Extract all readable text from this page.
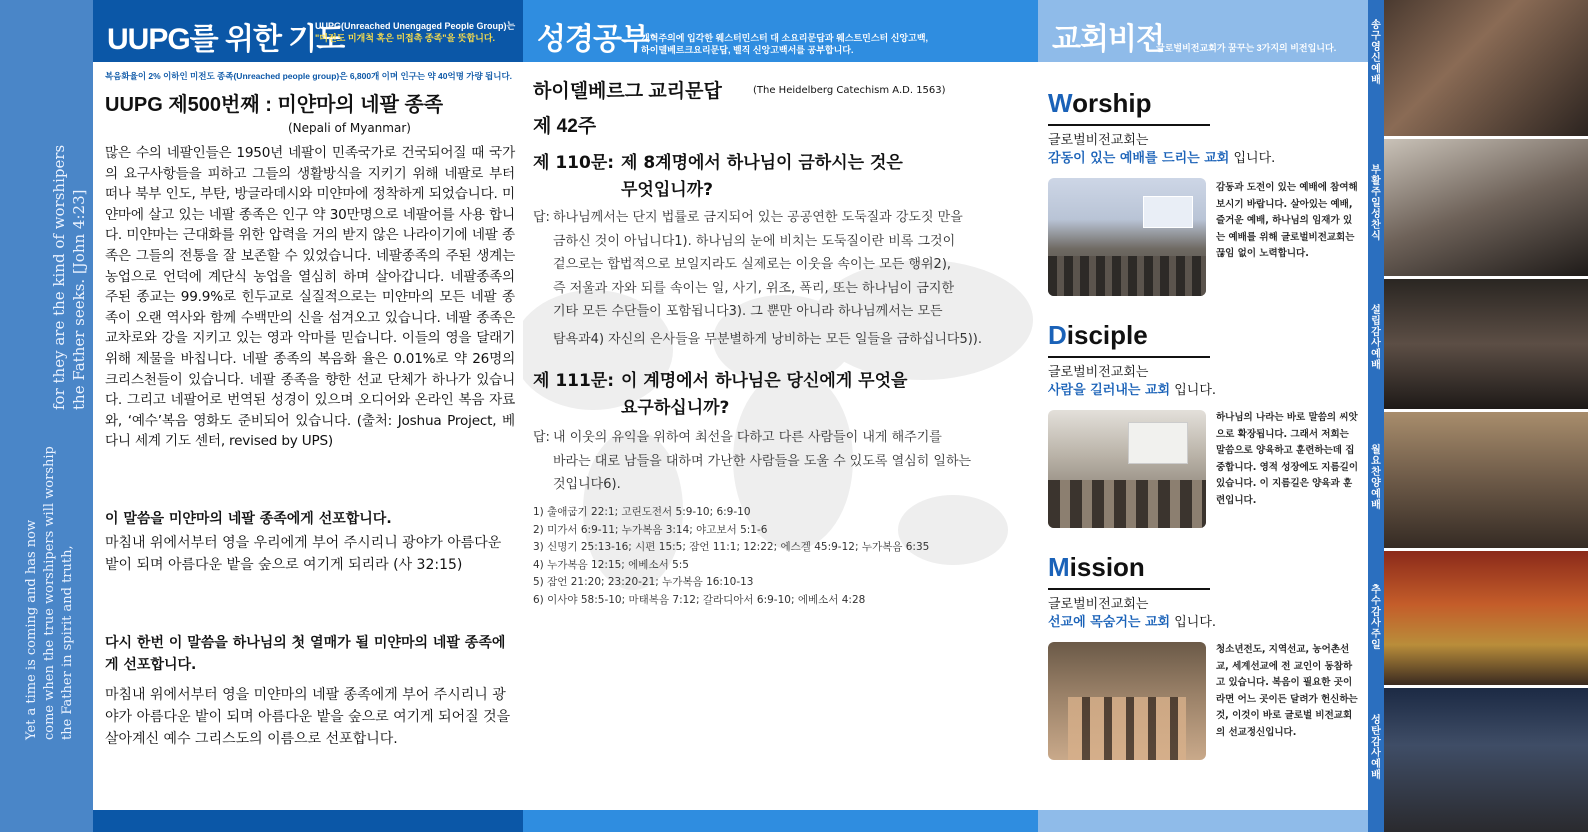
for they are the kind of worshipers the Father seeks. [John 4:23]
Yet a time is coming and has now come when the true worshipers will worship the Father in spirit and truth,
UUPG를 위한 기도
UUPG(Unreached Unengaged People Group)는
"미전도 미개척 혹은 미접촉 종족"을 뜻합니다.
복음화율이 2% 이하인 미전도 종족(Unreached people group)은 6,800개 이며 인구는 약 40억명 가량 됩니다.
UUPG 제500번째 : 미얀마의 네팔 종족
(Nepali of Myanmar)
많은 수의 네팔인들은 1950년 네팔이 민족국가로 건국되어질 때 국가의 요구사항들을 피하고 그들의 생활방식을 지키기 위해 네팔로 부터 떠나 북부 인도, 부탄, 방글라데시와 미얀마에 정착하게 되었습니다. 미얀마에 살고 있는 네팔 종족은 인구 약 30만명으로 네팔어를 사용 합니다. 미얀마는 근대화를 위한 압력을 거의 받지 않은 나라이기에 네팔 종족은 그들의 전통을 잘 보존할 수 있었습니다. 네팔종족의 주된 생계는 농업으로 언덕에 계단식 농업을 열심히 하며 살아갑니다. 네팔종족의 주된 종교는 99.9%로 힌두교로 실질적으로는 미얀마의 모든 네팔 종족이 오랜 역사와 함께 수백만의 신을 섬겨오고 있습니다. 네팔 종족은 교차로와 강을 지키고 있는 영과 악마를 믿습니다. 이들의 영을 달래기 위해 제물을 바칩니다. 네팔 종족의 복음화 율은 0.01%로 약 26명의 크리스천들이 있습니다. 네팔 종족을 향한 선교 단체가 하나가 있습니다. 그리고 네팔어로 번역된 성경이 있으며 오디어와 온라인 복음 자료와, ‘예수’복음 영화도 준비되어 있습니다. (출처: Joshua Project, 베다니 세계 기도 센터, revised by UPS)
이 말씀을 미얀마의 네팔 종족에게 선포합니다.
마침내 위에서부터 영을 우리에게 부어 주시리니 광야가 아름다운 밭이 되며 아름다운 밭을 숲으로 여기게 되리라 (사 32:15)
다시 한번 이 말씀을 하나님의 첫 열매가 될 미얀마의 네팔 종족에게 선포합니다.
마침내 위에서부터 영을 미얀마의 네팔 종족에게 부어 주시리니 광야가 아름다운 밭이 되며 아름다운 밭을 숲으로 여기게 되어질 것을 살아계신 예수 그리스도의 이름으로 선포합니다.
성경공부
개혁주의에 입각한 웨스터민스터 대 소요리문답과 웨스트민스터 신앙고백,
하이델베르크요리문답, 벨직 신앙고백서를 공부합니다.
하이델베르그 교리문답	(The Heidelberg Catechism A.D. 1563)
제 42주
제 110문: 제 8계명에서 하나님이 금하시는 것은
무엇입니까?
답: 하나님께서는 단지 법률로 금지되어 있는 공공연한 도둑질과 강도짓 만을
금하신 것이 아닙니다1). 하나님의 눈에 비치는 도둑질이란 비록 그것이
겉으로는 합법적으로 보일지라도 실제로는 이웃을 속이는 모든 행위2),
즉 저울과 자와 되를 속이는 일, 사기, 위조, 폭리, 또는 하나님이 금지한
기타 모든 수단들이 포함됩니다3). 그 뿐만 아니라 하나님께서는 모든
탐욕과4) 자신의 은사들을 무분별하게 낭비하는 모든 일들을 금하십니다5)).
제 111문: 이 계명에서 하나님은 당신에게 무엇을
요구하십니까?
답: 내 이웃의 유익을 위하여 최선을 다하고 다른 사람들이 내게 해주기를
바라는 대로 남들을 대하며 가난한 사람들을 도울 수 있도록 열심히 일하는
것입니다6).
1) 출애굽기 22:1; 고린도전서 5:9-10; 6:9-10
2) 미가서 6:9-11; 누가복음 3:14; 야고보서 5:1-6
3) 신명기 25:13-16; 시편 15:5; 잠언 11:1; 12:22; 에스겔 45:9-12; 누가복음 6:35
4) 누가복음 12:15; 에베소서 5:5
5) 잠언 21:20; 23:20-21; 누가복음 16:10-13
6) 이사야 58:5-10; 마태복음 7:12; 갈라디아서 6:9-10; 에베소서 4:28
교회비전
글로벌비전교회가 꿈꾸는 3가지의 비전입니다.
Worship
글로벌비전교회는
감동이 있는 예배를 드리는 교회 입니다.
감동과 도전이 있는 예배에 참여해보시기 바랍니다. 살아있는 예배, 즐거운 예배, 하나님의 임재가 있는 예배를 위해 글로벌비전교회는 끊임 없이 노력합니다.
Disciple
글로벌비전교회는
사람을 길러내는 교회 입니다.
하나님의 나라는 바로 말씀의 씨앗으로 확장됩니다. 그래서 저희는 말씀으로 양육하고 훈련하는데 집중합니다. 영적 성장에도 지름길이 있습니다. 이 지름길은 양육과 훈련입니다.
Mission
글로벌비전교회는
선교에 목숨거는 교회 입니다.
청소년전도, 지역선교, 농어촌선교, 세계선교에 전 교인이 동참하고 있습니다. 복음이 필요한 곳이라면 어느 곳이든 달려가 헌신하는 것, 이것이 바로 글로벌 비전교회의 선교정신입니다.
송구영신예배
부활주일 성찬식
설립감사예배
월요찬양예배
추수감사주일
성탄감사예배
